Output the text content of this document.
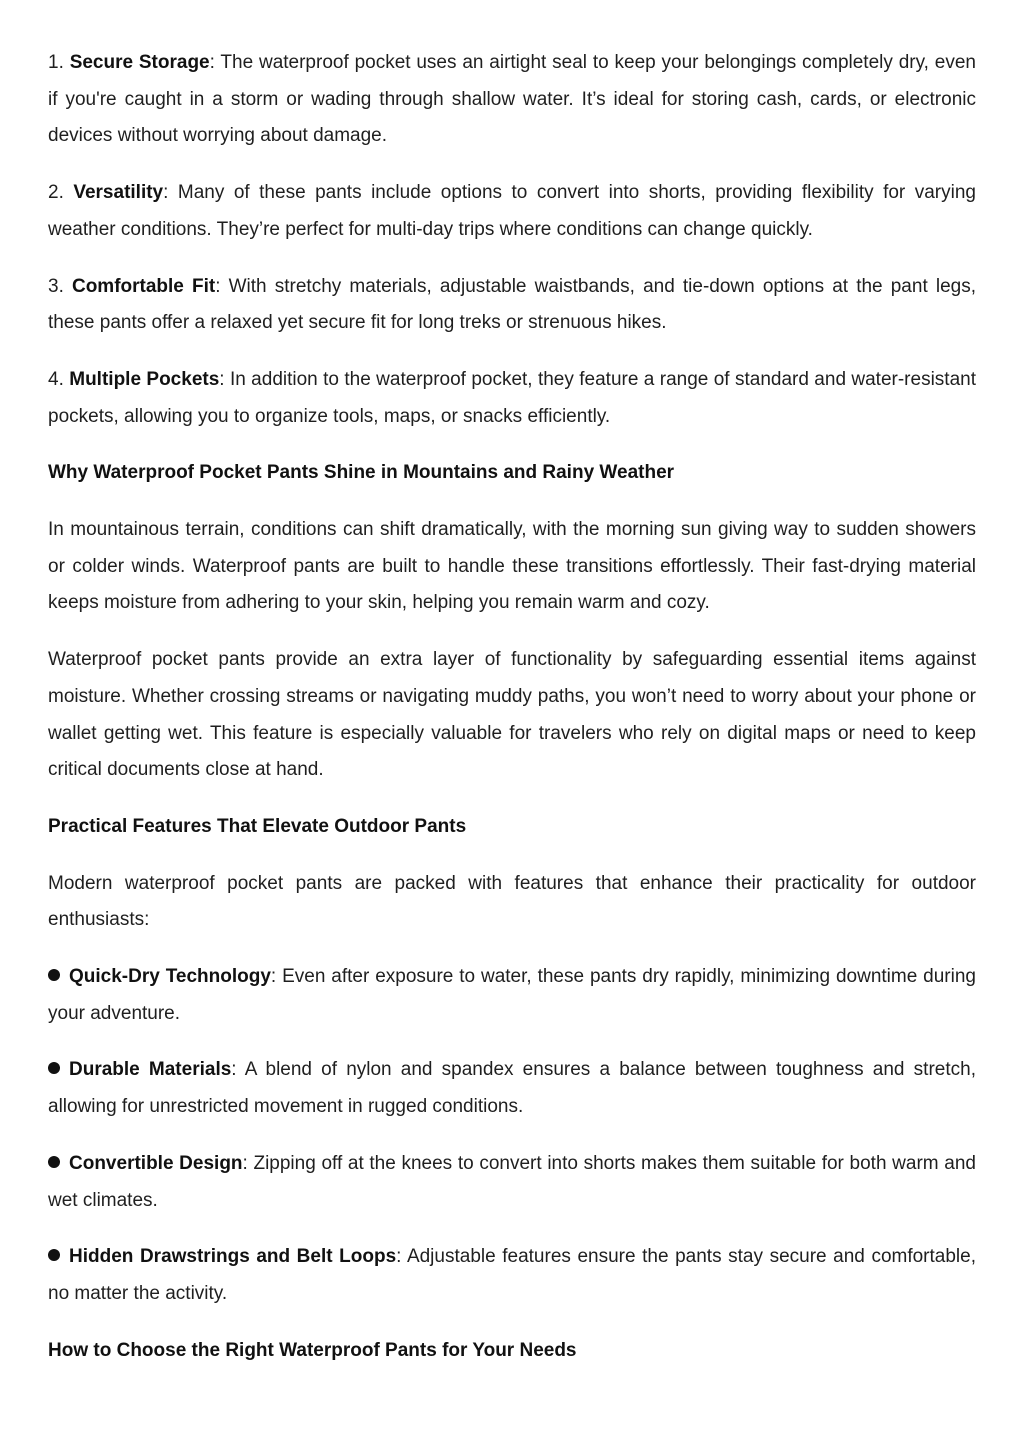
1. Secure Storage: The waterproof pocket uses an airtight seal to keep your belongings completely dry, even if you're caught in a storm or wading through shallow water. It’s ideal for storing cash, cards, or electronic devices without worrying about damage.

2. Versatility: Many of these pants include options to convert into shorts, providing flexibility for varying weather conditions. They’re perfect for multi-day trips where conditions can change quickly.

3. Comfortable Fit: With stretchy materials, adjustable waistbands, and tie-down options at the pant legs, these pants offer a relaxed yet secure fit for long treks or strenuous hikes.

4. Multiple Pockets: In addition to the waterproof pocket, they feature a range of standard and water-resistant pockets, allowing you to organize tools, maps, or snacks efficiently.

Why Waterproof Pocket Pants Shine in Mountains and Rainy Weather

In mountainous terrain, conditions can shift dramatically, with the morning sun giving way to sudden showers or colder winds. Waterproof pants are built to handle these transitions effortlessly. Their fast-drying material keeps moisture from adhering to your skin, helping you remain warm and cozy.

Waterproof pocket pants provide an extra layer of functionality by safeguarding essential items against moisture. Whether crossing streams or navigating muddy paths, you won’t need to worry about your phone or wallet getting wet. This feature is especially valuable for travelers who rely on digital maps or need to keep critical documents close at hand.

Practical Features That Elevate Outdoor Pants

Modern waterproof pocket pants are packed with features that enhance their practicality for outdoor enthusiasts:

Quick-Dry Technology: Even after exposure to water, these pants dry rapidly, minimizing downtime during your adventure.

Durable Materials: A blend of nylon and spandex ensures a balance between toughness and stretch, allowing for unrestricted movement in rugged conditions.

Convertible Design: Zipping off at the knees to convert into shorts makes them suitable for both warm and wet climates.

Hidden Drawstrings and Belt Loops: Adjustable features ensure the pants stay secure and comfortable, no matter the activity.

How to Choose the Right Waterproof Pants for Your Needs
